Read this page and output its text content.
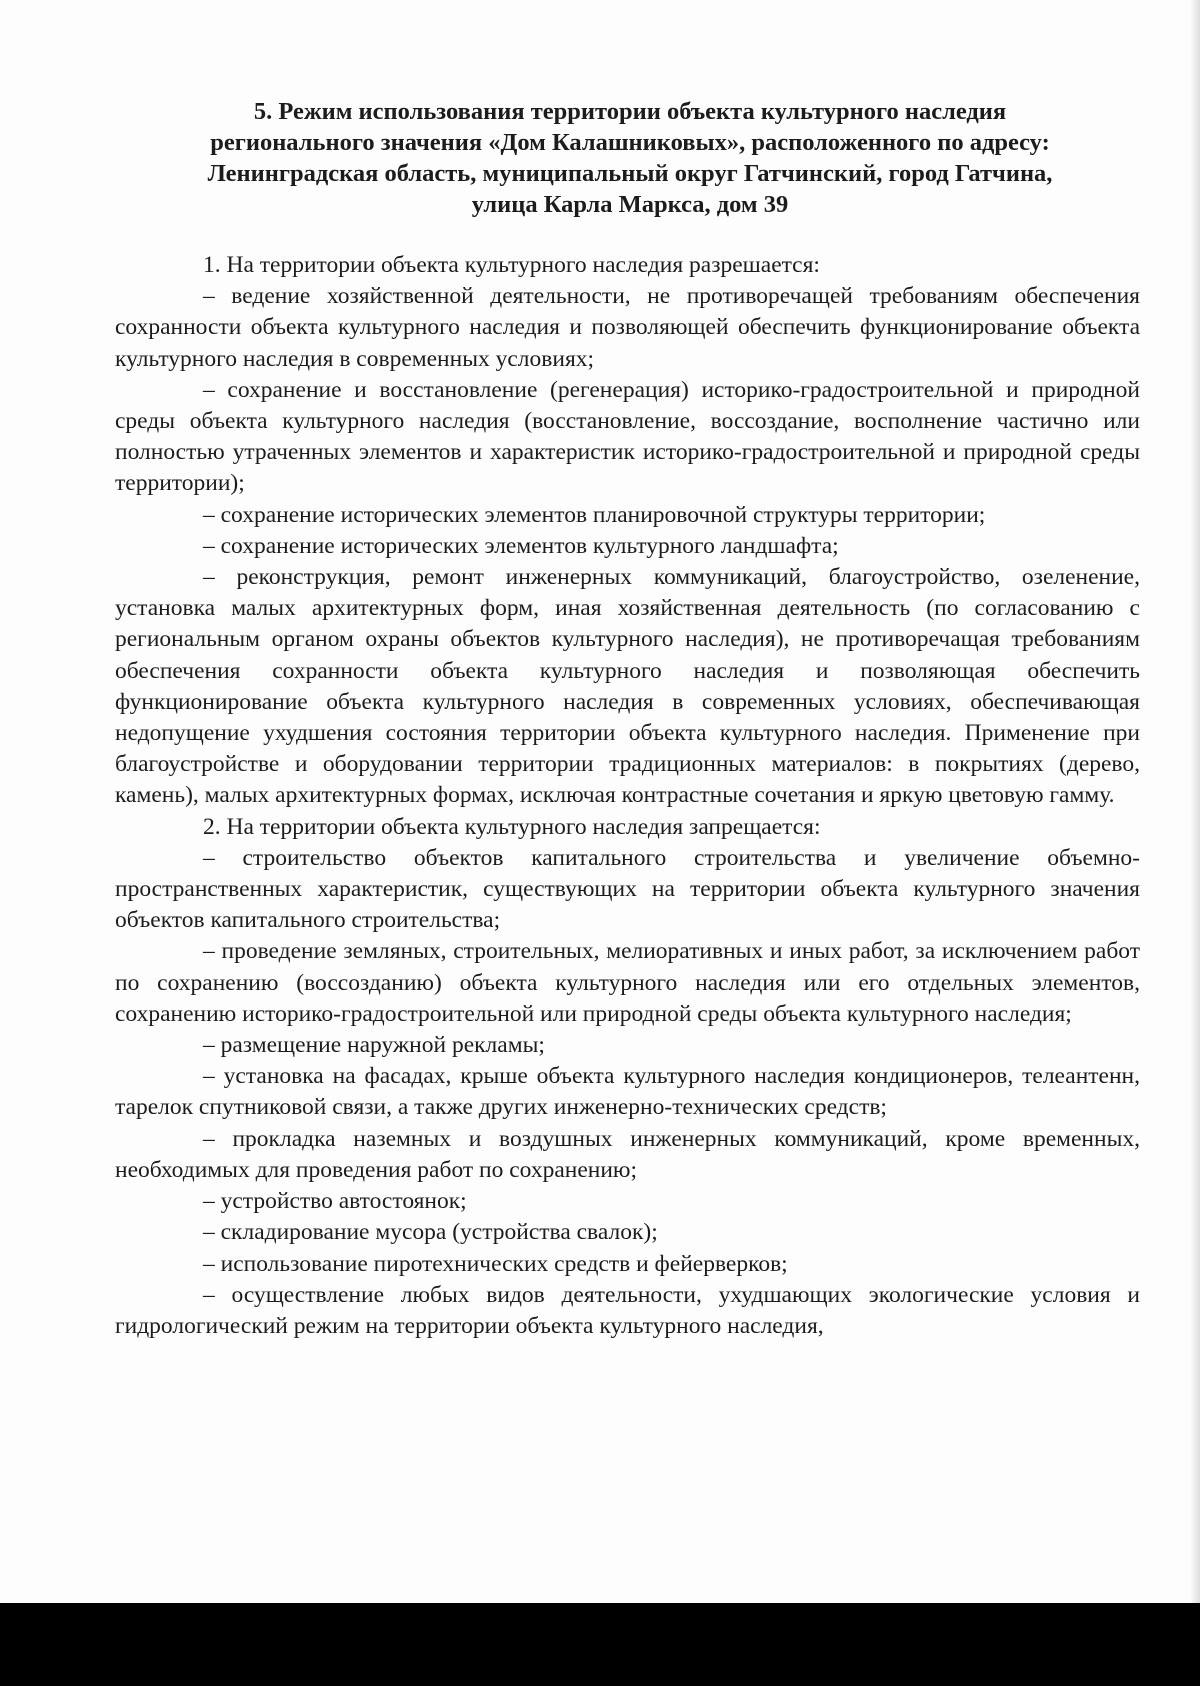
5. Режим использования территории объекта культурного наследия
регионального значения «Дом Калашниковых», расположенного по адресу:
Ленинградская область, муниципальный округ Гатчинский, город Гатчина,
улица Карла Маркса, дом 39

1. На территории объекта культурного наследия разрешается:

– ведение хозяйственной деятельности, не противоречащей требованиям обеспечения сохранности объекта культурного наследия и позволяющей обеспечить функционирование объекта культурного наследия в современных условиях;

– сохранение и восстановление (регенерация) историко-градостроительной и природной среды объекта культурного наследия (восстановление, воссоздание, восполнение частично или полностью утраченных элементов и характеристик историко-градостроительной и природной среды территории);

– сохранение исторических элементов планировочной структуры территории;

– сохранение исторических элементов культурного ландшафта;

– реконструкция, ремонт инженерных коммуникаций, благоустройство, озеленение, установка малых архитектурных форм, иная хозяйственная деятельность (по согласованию с региональным органом охраны объектов культурного наследия), не противоречащая требованиям обеспечения сохранности объекта культурного наследия и позволяющая обеспечить функционирование объекта культурного наследия в современных условиях, обеспечивающая недопущение ухудшения состояния территории объекта культурного наследия. Применение при благоустройстве и оборудовании территории традиционных материалов: в покрытиях (дерево, камень), малых архитектурных формах, исключая контрастные сочетания и яркую цветовую гамму.

2. На территории объекта культурного наследия запрещается:

– строительство объектов капитального строительства и увеличение объемно-пространственных характеристик, существующих на территории объекта культурного значения объектов капитального строительства;

– проведение земляных, строительных, мелиоративных и иных работ, за исключением работ по сохранению (воссозданию) объекта культурного наследия или его отдельных элементов, сохранению историко-градостроительной или природной среды объекта культурного наследия;

– размещение наружной рекламы;

– установка на фасадах, крыше объекта культурного наследия кондиционеров, телеантенн, тарелок спутниковой связи, а также других инженерно-технических средств;

– прокладка наземных и воздушных инженерных коммуникаций, кроме временных, необходимых для проведения работ по сохранению;

– устройство автостоянок;

– складирование мусора (устройства свалок);

– использование пиротехнических средств и фейерверков;

– осуществление любых видов деятельности, ухудшающих экологические условия и гидрологический режим на территории объекта культурного наследия,
